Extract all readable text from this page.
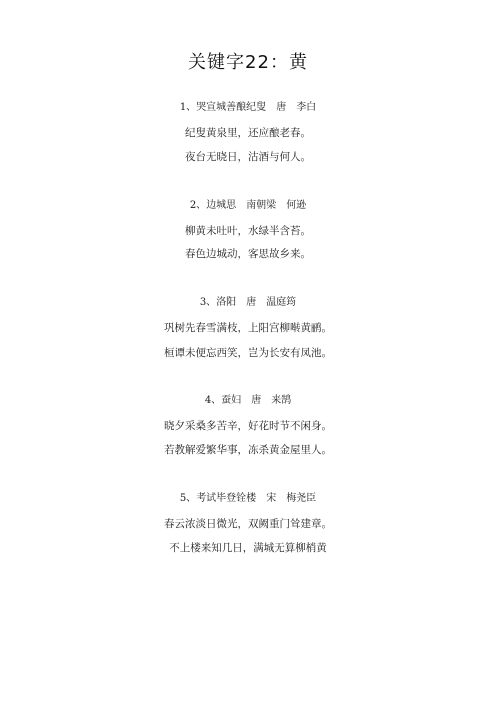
关键字22：黄
1、哭宣城善酿纪叟 唐 李白
纪叟黄泉里，还应酿老春。
夜台无晓日，沽酒与何人。
2、边城思 南朝梁 何逊
柳黄未吐叶，水绿半含苔。
春色边城动，客思故乡来。
3、洛阳 唐 温庭筠
巩树先春雪满枝，上阳宫柳啭黄鹂。
桓谭未便忘西笑，岂为长安有凤池。
4、蚕妇 唐 来鹄
晓夕采桑多苦辛，好花时节不闲身。
若教解爱繁华事，冻杀黄金屋里人。
5、考试毕登铨楼 宋 梅尧臣
春云浓淡日微光，双阙重门耸建章。
不上楼来知几日，满城无算柳梢黄
